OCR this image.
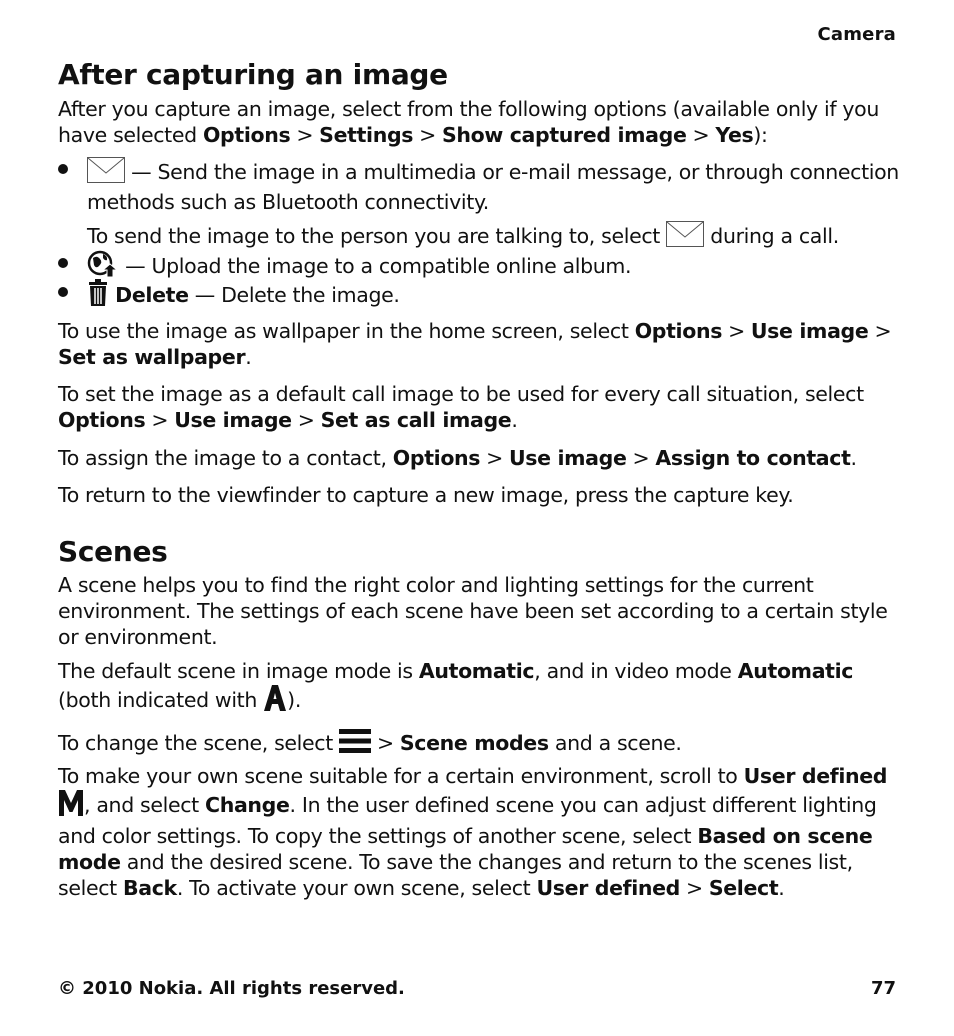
Camera
After capturing an image

After you capture an image, select from the following options (available only if you have selected Options > Settings > Show captured image > Yes):

— Send the image in a multimedia or e-mail message, or through connection methods such as Bluetooth connectivity.

To send the image to the person you are talking to, select during a call.

— Upload the image to a compatible online album.

Delete — Delete the image.

To use the image as wallpaper in the home screen, select Options > Use image >Set as wallpaper.

To set the image as a default call image to be used for every call situation, select Options > Use image > Set as call image.

To assign the image to a contact, Options > Use image > Assign to contact.

To return to the viewfinder to capture a new image, press the capture key.

Scenes

A scene helps you to find the right color and lighting settings for the current environment. The settings of each scene have been set according to a certain style or environment.

The default scene in image mode is Automatic, and in video mode Automatic (both indicated with ).

To change the scene, select > Scene modes and a scene.

To make your own scene suitable for a certain environment, scroll to User defined
, and select Change. In the user defined scene you can adjust different lighting and color settings. To copy the settings of another scene, select Based on scene mode and the desired scene. To save the changes and return to the scenes list, select Back. To activate your own scene, select User defined > Select.

© 2010 Nokia. All rights reserved.	77
